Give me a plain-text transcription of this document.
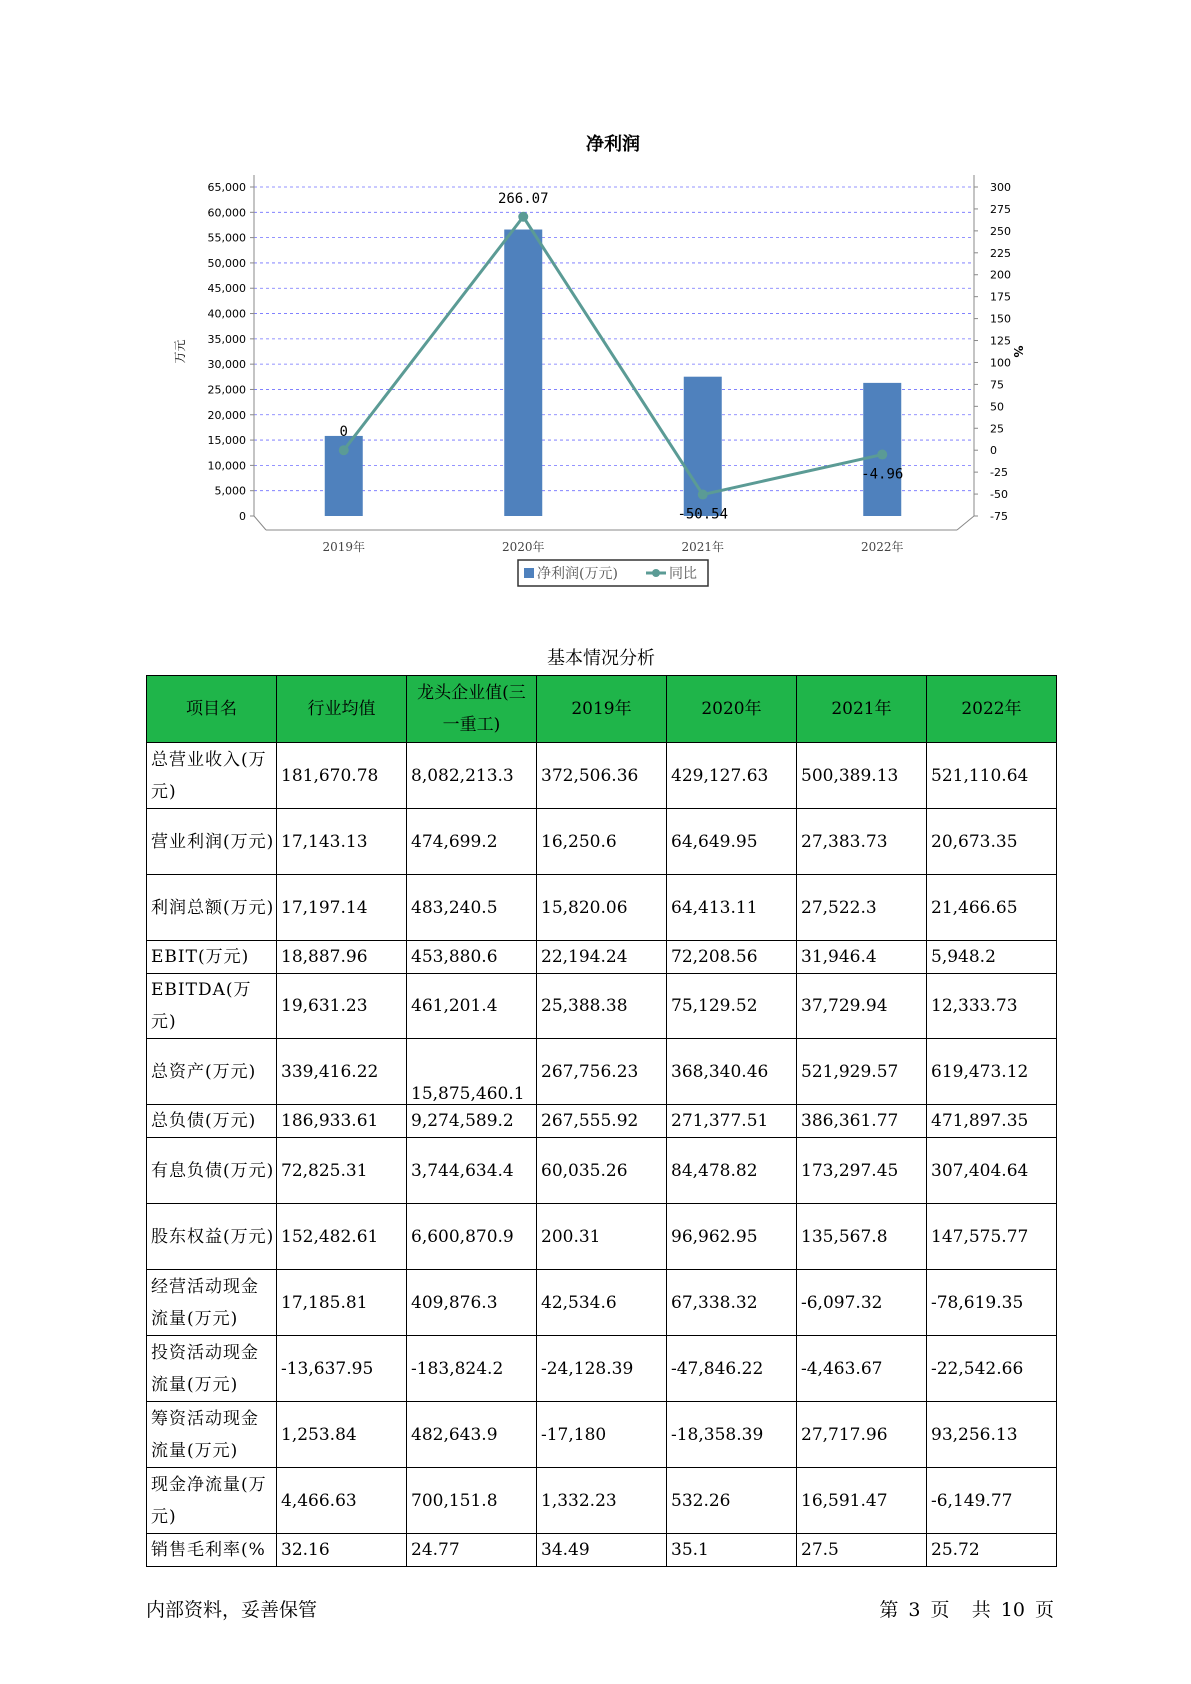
净利润
0
5,000
10,000
15,000
20,000
25,000
30,000
35,000
40,000
45,000
50,000
55,000
60,000
65,000
-75
-50
-25
0
25
50
75
100
125
150
175
200
225
250
275
300
万元	%
2019年	2020年	2021年	2022年
0
266.07
-50.54
-4.96
净利润(万元)	同比
基本情况分析
项目名	行业均值	龙头企业值(三一重工)	2019年	2020年	2021年	2022年
总营业收入(万元)	181,670.78	8,082,213.3	372,506.36	429,127.63	500,389.13	521,110.64
营业利润(万元)	17,143.13	474,699.2	16,250.6	64,649.95	27,383.73	20,673.35
利润总额(万元)	17,197.14	483,240.5	15,820.06	64,413.11	27,522.3	21,466.65
EBIT(万元)	18,887.96	453,880.6	22,194.24	72,208.56	31,946.4	5,948.2
EBITDA(万元)	19,631.23	461,201.4	25,388.38	75,129.52	37,729.94	12,333.73
总资产(万元)	339,416.22	15,875,460.1	267,756.23	368,340.46	521,929.57	619,473.12
总负债(万元)	186,933.61	9,274,589.2	267,555.92	271,377.51	386,361.77	471,897.35
有息负债(万元)	72,825.31	3,744,634.4	60,035.26	84,478.82	173,297.45	307,404.64
股东权益(万元)	152,482.61	6,600,870.9	200.31	96,962.95	135,567.8	147,575.77
经营活动现金流量(万元)	17,185.81	409,876.3	42,534.6	67,338.32	-6,097.32	-78,619.35
投资活动现金流量(万元)	-13,637.95	-183,824.2	-24,128.39	-47,846.22	-4,463.67	-22,542.66
筹资活动现金流量(万元)	1,253.84	482,643.9	-17,180	-18,358.39	27,717.96	93,256.13
现金净流量(万元)	4,466.63	700,151.8	1,332.23	532.26	16,591.47	-6,149.77
销售毛利率(%	32.16	24.77	34.49	35.1	27.5	25.72
内部资料，妥善保管	第 3 页 共 10 页
